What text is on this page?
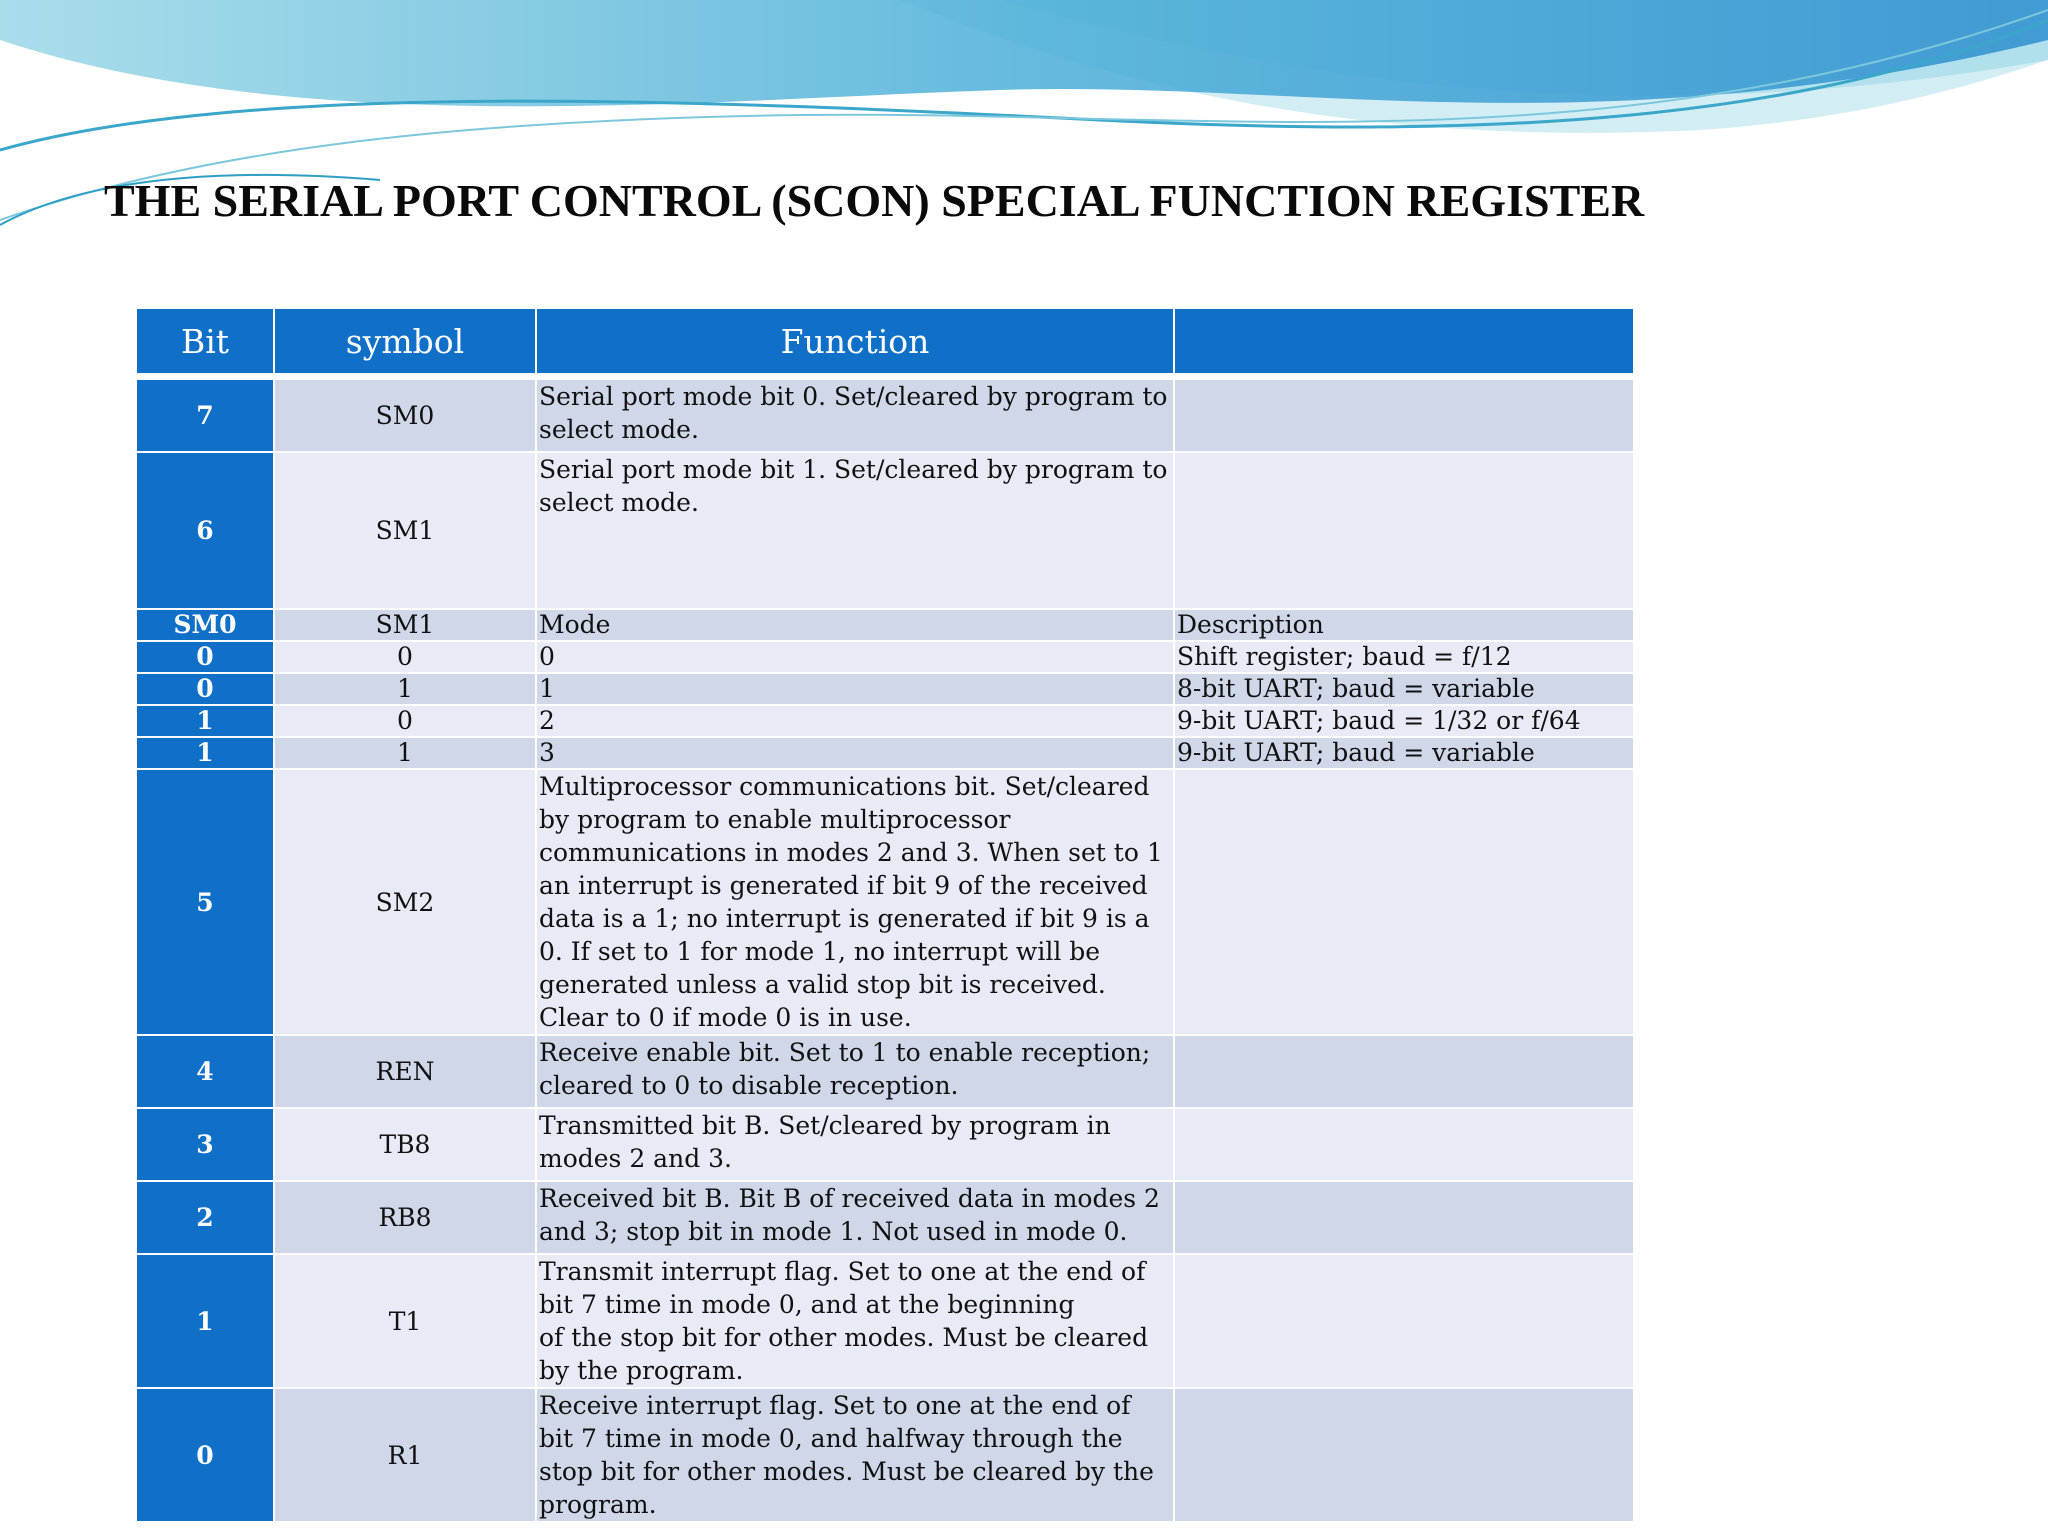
THE SERIAL PORT CONTROL (SCON) SPECIAL FUNCTION REGISTER
Bit	symbol	Function	
7	SM0	Serial port mode bit 0. Set/cleared by program to select mode.	
6	SM1	Serial port mode bit 1. Set/cleared by program to select mode.	
SM0	SM1	Mode	Description
0	0	0	Shift register; baud = f/12
0	1	1	8-bit UART; baud = variable
1	0	2	9-bit UART; baud = 1/32 or f/64
1	1	3	9-bit UART; baud = variable
5	SM2	Multiprocessor communications bit. Set/cleared by program to enable multiprocessor communications in modes 2 and 3. When set to 1 an interrupt is generated if bit 9 of the received data is a 1; no interrupt is generated if bit 9 is a 0. If set to 1 for mode 1, no interrupt will be generated unless a valid stop bit is received. Clear to 0 if mode 0 is in use.	
4	REN	Receive enable bit. Set to 1 to enable reception; cleared to 0 to disable reception.	
3	TB8	Transmitted bit B. Set/cleared by program in modes 2 and 3.	
2	RB8	Received bit B. Bit B of received data in modes 2 and 3; stop bit in mode 1. Not used in mode 0.	
1	T1	Transmit interrupt flag. Set to one at the end of bit 7 time in mode 0, and at the beginning
of the stop bit for other modes. Must be cleared by the program.	
0	R1	Receive interrupt flag. Set to one at the end of bit 7 time in mode 0, and halfway through the stop bit for other modes. Must be cleared by the program.	
